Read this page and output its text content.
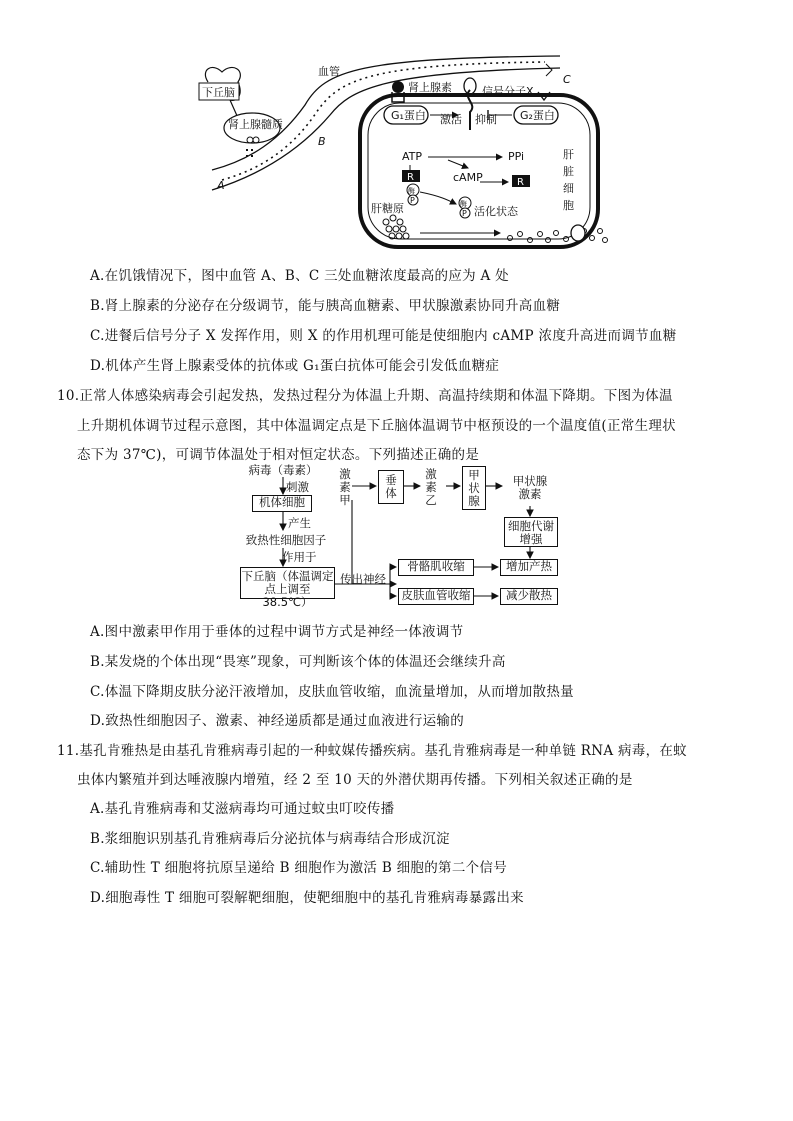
下丘脑
肾上腺髓质
血管
A
B
C
肾上腺素	信号分子X
G₁蛋白	G₂蛋白
激活 抑制
ATP	PPi
cAMP
肝
脏
细
胞
R	R
酶
P	酶
P 活化状态
肝糖原
A.在饥饿情况下，图中血管 A、B、C 三处血糖浓度最高的应为 A 处
B.肾上腺素的分泌存在分级调节，能与胰高血糖素、甲状腺激素协同升高血糖
C.进餐后信号分子 X 发挥作用，则 X 的作用机理可能是使细胞内 cAMP 浓度升高进而调节血糖
D.机体产生肾上腺素受体的抗体或 G₁蛋白抗体可能会引发低血糖症
10.正常人体感染病毒会引起发热，发热过程分为体温上升期、高温持续期和体温下降期。下图为体温
上升期机体调节过程示意图，其中体温调定点是下丘脑体温调节中枢预设的一个温度值(正常生理状
态下为 37℃)，可调节体温处于相对恒定状态。下列描述正确的是
病毒（毒素）
刺激
机体细胞
产生
致热性细胞因子
作用于
下丘脑（体温调定
点上调至 38.5℃）
激
素
甲
垂
体
激
素
乙
甲
状
腺
甲状腺
激素
细胞代谢
增强
传出神经
骨骼肌收缩
皮肤血管收缩
增加产热
减少散热
A.图中激素甲作用于垂体的过程中调节方式是神经一体液调节
B.某发烧的个体出现“畏寒”现象，可判断该个体的体温还会继续升高
C.体温下降期皮肤分泌汗液增加，皮肤血管收缩，血流量增加，从而增加散热量
D.致热性细胞因子、激素、神经递质都是通过血液进行运输的
11.基孔肯雅热是由基孔肯雅病毒引起的一种蚊媒传播疾病。基孔肯雅病毒是一种单链 RNA 病毒，在蚊
虫体内繁殖并到达唾液腺内增殖，经 2 至 10 天的外潜伏期再传播。下列相关叙述正确的是
A.基孔肯雅病毒和艾滋病毒均可通过蚊虫叮咬传播
B.浆细胞识别基孔肯雅病毒后分泌抗体与病毒结合形成沉淀
C.辅助性 T 细胞将抗原呈递给 B 细胞作为激活 B 细胞的第二个信号
D.细胞毒性 T 细胞可裂解靶细胞，使靶细胞中的基孔肯雅病毒暴露出来
